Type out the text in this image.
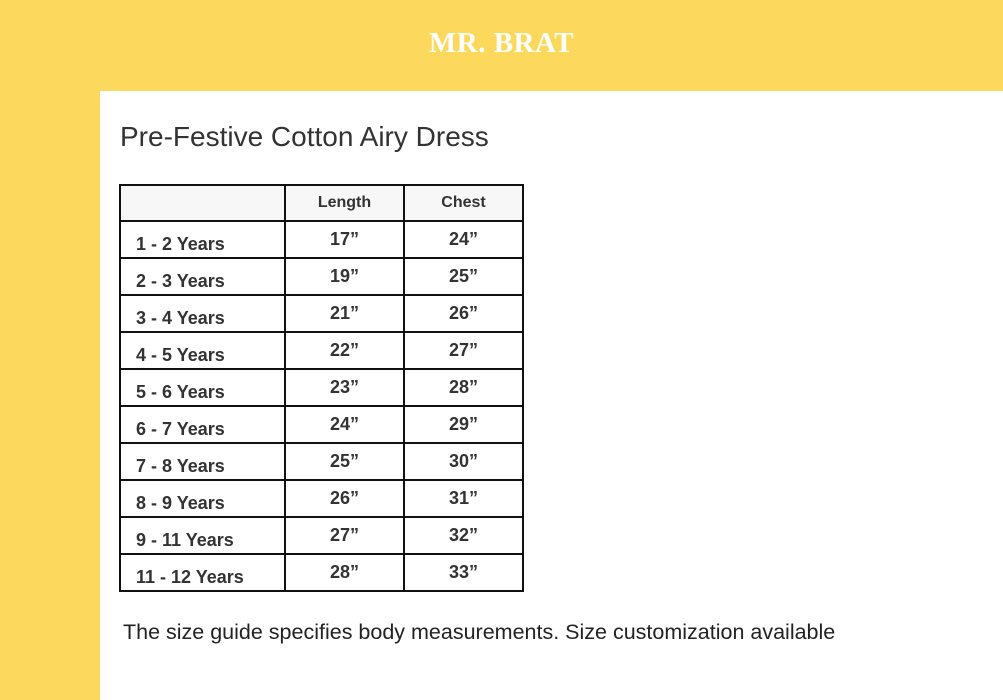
MR. BRAT
Pre-Festive Cotton Airy Dress
	Length	Chest
1 - 2 Years	17”	24”
2 - 3 Years	19”	25”
3 - 4 Years	21”	26”
4 - 5 Years	22”	27”
5 - 6 Years	23”	28”
6 - 7 Years	24”	29”
7 - 8 Years	25”	30”
8 - 9 Years	26”	31”
9 - 11 Years	27”	32”
11 - 12 Years	28”	33”
The size guide specifies body measurements. Size customization available
